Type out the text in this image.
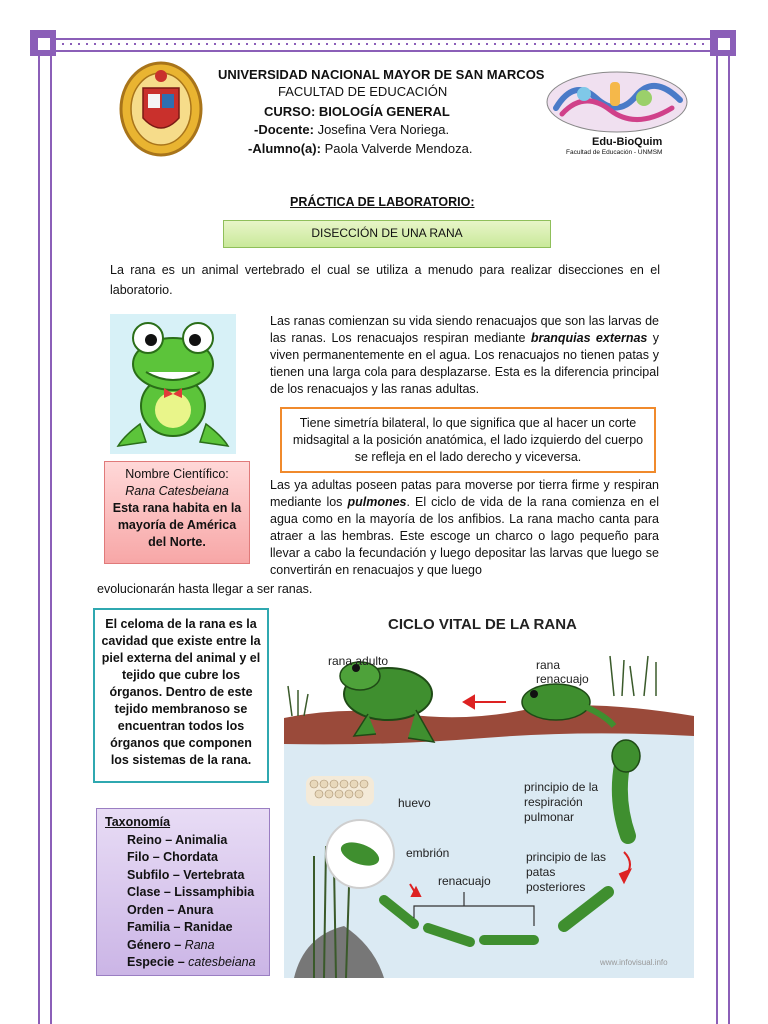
UNIVERSIDAD NACIONAL MAYOR DE SAN MARCOS
FACULTAD DE EDUCACIÓN
CURSO: BIOLOGÍA GENERAL
-Docente: Josefina Vera Noriega.
-Alumno(a): Paola Valverde Mendoza.	Edu-BioQuim
Facultad de Educación - UNMSM
PRÁCTICA DE LABORATORIO:
DISECCIÓN DE UNA RANA
La rana es un animal vertebrado el cual se utiliza a menudo para realizar disecciones en el laboratorio.
Las ranas comienzan su vida siendo renacuajos que son las larvas de las ranas. Los renacuajos respiran mediante branquias externas y viven permanentemente en el agua. Los renacuajos no tienen patas y tienen una larga cola para desplazarse. Esta es la diferencia principal de los renacuajos y las ranas adultas.
Tiene simetría bilateral, lo que significa que al hacer un corte midsagital a la posición anatómica, el lado izquierdo del cuerpo se refleja en el lado derecho y viceversa.
Nombre Científico:
Rana Catesbeiana
Esta rana habita en la mayoría de América del Norte.
Las ya adultas poseen patas para moverse por tierra firme y respiran mediante los pulmones. El ciclo de vida de la rana comienza en el agua como en la mayoría de los anfibios. La rana macho canta para atraer a las hembras. Este escoge un charco o lago pequeño para llevar a cabo la fecundación y luego depositar las larvas que luego se convertirán en renacuajos y que luego
evolucionarán hasta llegar a ser ranas.
El celoma de la rana es la cavidad que existe entre la piel externa del animal y el tejido que cubre los órganos. Dentro de este tejido membranoso se encuentran todos los órganos que componen los sistemas de la rana.
Taxonomía
Reino – Animalia
Filo – Chordata
Subfilo – Vertebrata
Clase – Lissamphibia
Orden – Anura
Familia – Ranidae
Género – Rana
Especie – catesbeiana
CICLO VITAL DE LA RANA
rana adulto	rana
renacuajo
huevo
principio de la
respiración
pulmonar
embrión
renacuajo
principio de las
patas
posteriores
www.infovisual.info
